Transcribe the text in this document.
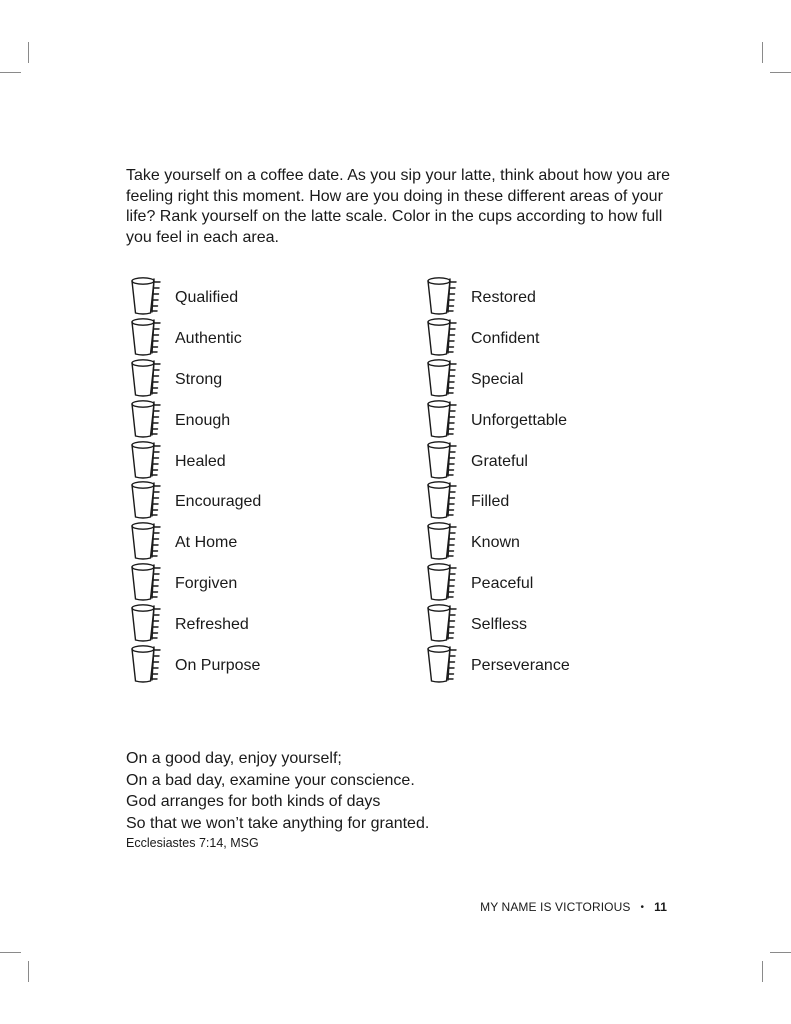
Take yourself on a coffee date. As you sip your latte, think about how you are feeling right this moment. How are you doing in these different areas of your life? Rank yourself on the latte scale. Color in the cups according to how full you feel in each area.

Qualified
Authentic
Strong
Enough
Healed
Encouraged
At Home
Forgiven
Refreshed
On Purpose
Restored
Confident
Special
Unforgettable
Grateful
Filled
Known
Peaceful
Selfless
Perseverance

On a good day, enjoy yourself;
On a bad day, examine your conscience.
God arranges for both kinds of days
So that we won’t take anything for granted.

Ecclesiastes 7:14, MSG
MY NAME IS VICTORIOUS • 11
